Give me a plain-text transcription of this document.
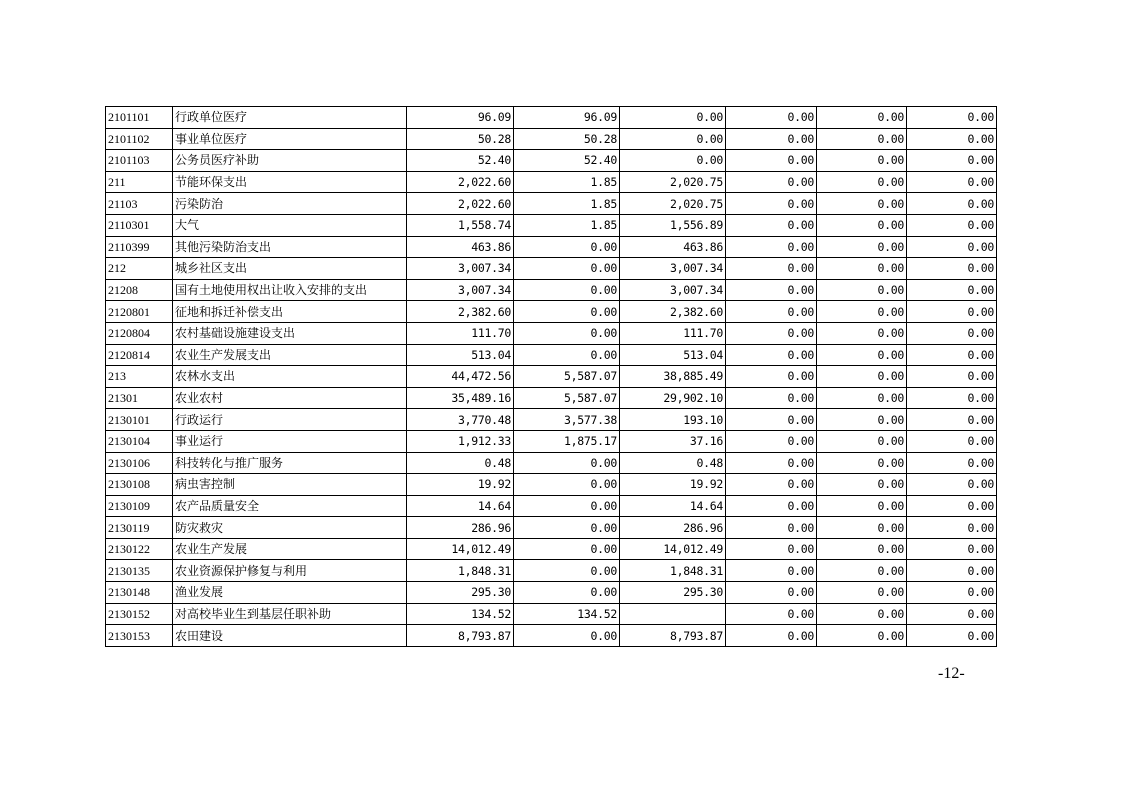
2101101	行政单位医疗	96.09	96.09	0.00	0.00	0.00	0.00
2101102	事业单位医疗	50.28	50.28	0.00	0.00	0.00	0.00
2101103	公务员医疗补助	52.40	52.40	0.00	0.00	0.00	0.00
211	节能环保支出	2,022.60	1.85	2,020.75	0.00	0.00	0.00
21103	污染防治	2,022.60	1.85	2,020.75	0.00	0.00	0.00
2110301	大气	1,558.74	1.85	1,556.89	0.00	0.00	0.00
2110399	其他污染防治支出	463.86	0.00	463.86	0.00	0.00	0.00
212	城乡社区支出	3,007.34	0.00	3,007.34	0.00	0.00	0.00
21208	国有土地使用权出让收入安排的支出	3,007.34	0.00	3,007.34	0.00	0.00	0.00
2120801	征地和拆迁补偿支出	2,382.60	0.00	2,382.60	0.00	0.00	0.00
2120804	农村基础设施建设支出	111.70	0.00	111.70	0.00	0.00	0.00
2120814	农业生产发展支出	513.04	0.00	513.04	0.00	0.00	0.00
213	农林水支出	44,472.56	5,587.07	38,885.49	0.00	0.00	0.00
21301	农业农村	35,489.16	5,587.07	29,902.10	0.00	0.00	0.00
2130101	行政运行	3,770.48	3,577.38	193.10	0.00	0.00	0.00
2130104	事业运行	1,912.33	1,875.17	37.16	0.00	0.00	0.00
2130106	科技转化与推广服务	0.48	0.00	0.48	0.00	0.00	0.00
2130108	病虫害控制	19.92	0.00	19.92	0.00	0.00	0.00
2130109	农产品质量安全	14.64	0.00	14.64	0.00	0.00	0.00
2130119	防灾救灾	286.96	0.00	286.96	0.00	0.00	0.00
2130122	农业生产发展	14,012.49	0.00	14,012.49	0.00	0.00	0.00
2130135	农业资源保护修复与利用	1,848.31	0.00	1,848.31	0.00	0.00	0.00
2130148	渔业发展	295.30	0.00	295.30	0.00	0.00	0.00
2130152	对高校毕业生到基层任职补助	134.52	134.52		0.00	0.00	0.00
2130153	农田建设	8,793.87	0.00	8,793.87	0.00	0.00	0.00
-12-
